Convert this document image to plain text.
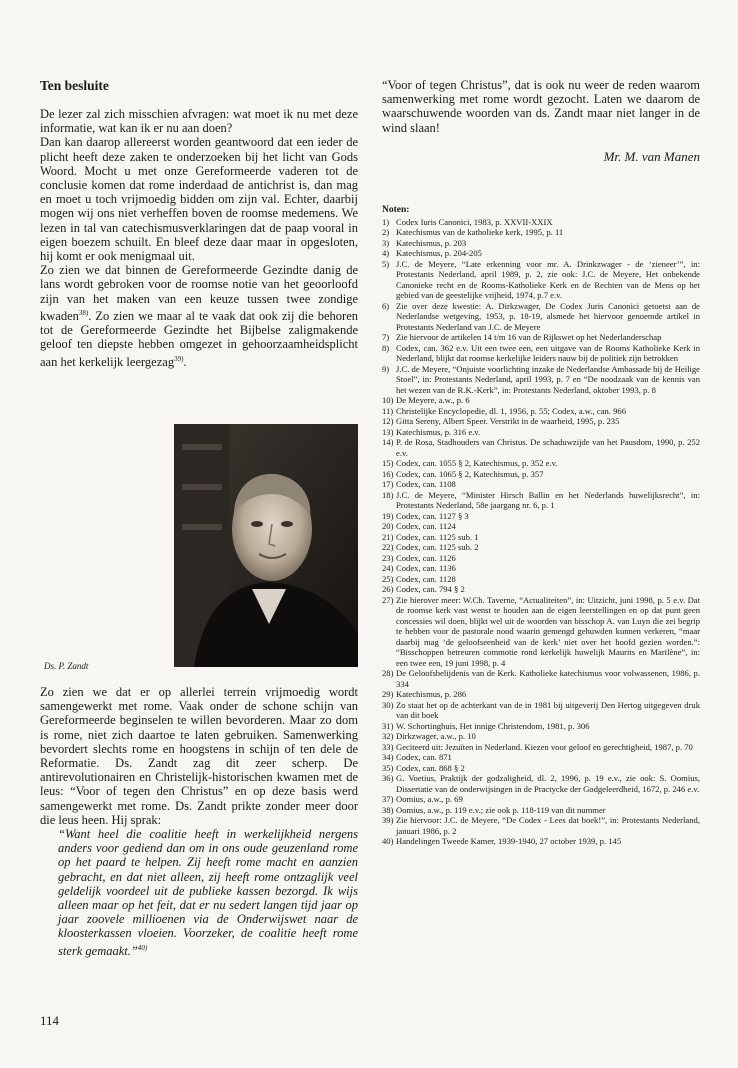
Ten besluite

De lezer zal zich misschien afvragen: wat moet ik nu met deze informatie, wat kan ik er nu aan doen?

Dan kan daarop allereerst worden geantwoord dat een ieder de plicht heeft deze zaken te onderzoeken bij het licht van Gods Woord. Mocht u met onze Gereformeerde vaderen tot de conclusie komen dat rome inderdaad de antichrist is, dan mag en moet u toch vrijmoedig bidden om zijn val. Echter, daarbij mogen wij ons niet verheffen boven de roomse medemens. We lezen in tal van catechismusverklaringen dat de paap vooral in eigen boezem schuilt. En bleef deze daar maar in opgesloten, hij komt er ook menigmaal uit.

Zo zien we dat binnen de Gereformeerde Gezindte danig de lans wordt gebroken voor de roomse notie van het geoorloofd zijn van het maken van een keuze tussen twee zondige kwaden$^{38)}$. Zo zien we maar al te vaak dat ook zij die behoren tot de Gereformeerde Gezindte het Bijbelse zaligmakende geloof ten diepste hebben omgezet in gehoorzaamheidsplicht aan het kerkelijk leergezag$^{39)}$.

Ds. P. Zandt

Zo zien we dat er op allerlei terrein vrijmoedig wordt samengewerkt met rome. Vaak onder de schone schijn van Gereformeerde beginselen te willen bevorderen. Maar zo dom is rome, niet zich daartoe te laten gebruiken. Samenwerking bevordert slechts rome en hoogstens in schijn of ten dele de Reformatie. Ds. Zandt zag dit zeer scherp. De antirevolutionairen en Christelijk-historischen kwamen met de leus: “Voor of tegen den Christus” en op deze basis werd samengewerkt met rome. Ds. Zandt prikte zonder meer door die leus heen. Hij sprak:

“Want heel die coalitie heeft in werkelijkheid nergens anders voor gediend dan om in ons oude geuzenland rome op het paard te helpen. Zij heeft rome macht en aanzien gebracht, en dat niet alleen, zij heeft rome ontzaglijk veel geldelijk voordeel uit de publieke kassen bezorgd. Ik wijs alleen maar op het feit, dat er nu sedert langen tijd jaar op jaar zoovele millioenen via de Onderwijswet naar de kloosterkassen vloeien. Voorzeker, de coalitie heeft rome sterk gemaakt.”$^{40)}$

“Voor of tegen Christus”, dat is ook nu weer de reden waarom samenwerking met rome wordt gezocht. Laten we daarom de waarschuwende woorden van ds. Zandt maar niet langer in de wind slaan!

Mr. M. van Manen
Noten:
1) Codex Iuris Canonici, 1983, p. XXVII-XXIX
2) Katechismus van de katholieke kerk, 1995, p. 11
3) Katechismus, p. 203
4) Katechismus, p. 204-205
5) J.C. de Meyere, “Late erkenning voor mr. A. Drinkzwager - de ‘zieneer’”, in: Protestants Nederland, april 1989, p. 2, zie ook: J.C. de Meyere, Het onbekende Canonieke recht en de Rooms-Katholieke Kerk en de Rechten van de Mens op het gebied van de geestelijke vrijheid, 1974, p.7 e.v.
6) Zie over deze kwestie: A. Dirkzwager, De Codex Juris Canonici getoetst aan de Nederlandse wetgeving, 1953, p. 18-19, alsmede het hiervoor genoemde artikel in Protestants Nederland van J.C. de Meyere
7) Zie hiervoor de artikelen 14 t/m 16 van de Rijkswet op het Nederlanderschap
8) Codex, can. 362 e.v. Uit een twee een, een uitgave van de Rooms Katholieke Kerk in Nederland, blijkt dat roomse kerkelijke leiders nauw bij de politiek zijn betrokken
9) J.C. de Meyere, “Onjuiste voorlichting inzake de Nederlandse Ambassade bij de Heilige Stoel”, in: Protestants Nederland, april 1993, p. 7 en “De noodzaak van de kennis van het wezen van de R.K.-Kerk”, in: Protestants Nederland, oktober 1993, p. 8
10) De Meyere, a.w., p. 6
11) Christelijke Encyclopedie, dl. 1, 1956, p. 55; Codex, a.w., can. 966
12) Gitta Sereny, Albert Speer. Verstrikt in de waarheid, 1995, p. 235
13) Katechismus, p. 316 e.v.
14) P. de Rosa, Stadhouders van Christus. De schaduwzijde van het Pausdom, 1990, p. 252 e.v.
15) Codex, can. 1055 § 2, Katechismus, p. 352 e.v.
16) Codex, can. 1065 § 2, Katechismus, p. 357
17) Codex, can. 1108
18) J.C. de Meyere, “Minister Hirsch Ballin en het Nederlands huwelijksrecht”, in: Protestants Nederland, 58e jaargang nr. 6, p. 1
19) Codex, can. 1127 § 3
20) Codex, can. 1124
21) Codex, can. 1125 sub. 1
22) Codex, can. 1125 sub. 2
23) Codex, can. 1126
24) Codex, can. 1136
25) Codex, can. 1128
26) Codex, can. 794 § 2
27) Zie hierover meer: W.Ch. Taverne, “Actualiteiten”, in: Uitzicht, juni 1998, p. 5 e.v. Dat de roomse kerk vast wenst te houden aan de eigen leerstellingen en op dat punt geen concessies wil doen, blijkt wel uit de woorden van bisschop A. van Luyn die zei begrip te hebben voor de pastorale nood waarin gemengd gehuwden kunnen verkeren, “maar daarbij mag ‘de geloofseenheid van de kerk’ niet over het hoofd gezien worden.”: “Bisschoppen betreuren commotie rond kerkelijk huwelijk Maurits en Marilène”, in: een twee een, 19 juni 1998, p. 4
28) De Geloofsbelijdenis van de Kerk. Katholieke katechismus voor volwassenen, 1986, p. 334
29) Katechismus, p. 286
30) Zo staat het op de achterkant van de in 1981 bij uitgeverij Den Hertog uitgegeven druk van dit boek
31) W. Schortinghuis, Het innige Christendom, 1981, p. 306
32) Dirkzwager, a.w., p. 10
33) Geciteerd uit: Jezuïten in Nederland. Kiezen voor geloof en gerechtigheid, 1987, p. 70
34) Codex, can. 871
35) Codex, can. 868 § 2
36) G. Voetius, Praktijk der godzaligheid, dl. 2, 1996, p. 19 e.v., zie ook: S. Oomius, Dissertatie van de onderwijsingen in de Practycke der Godgeleerdheid, 1672, p. 246 e.v.
37) Oomius, a.w., p. 69
38) Oomius, a.w., p. 119 e.v.; zie ook p. 118-119 van dit nummer
39) Zie hiervoor: J.C. de Meyere, “De Codex - Lees dat boek!”, in: Protestants Nederland, januari 1986, p. 2
40) Handelingen Tweede Kamer, 1939-1940, 27 october 1939, p. 145
114
